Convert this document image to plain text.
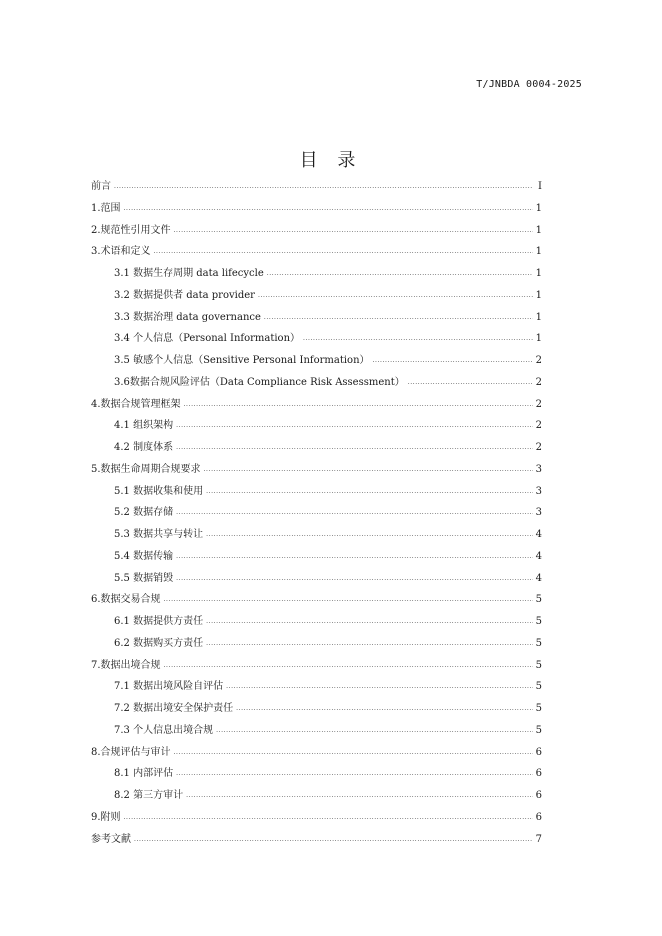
T/JNBDA 0004-2025
目 录
前言 .....	I
1.范围 .....	1
2.规范性引用文件 .....	1
3.术语和定义 .....	1
3.1 数据生存周期 data lifecycle .....	1
3.2 数据提供者 data provider .....	1
3.3 数据治理 data governance .....	1
3.4 个人信息（Personal Information） .....	1
3.5 敏感个人信息（Sensitive Personal Information） .....	2
3.6数据合规风险评估（Data Compliance Risk Assessment） .....	2
4.数据合规管理框架 .....	2
4.1 组织架构 .....	2
4.2 制度体系 .....	2
5.数据生命周期合规要求 .....	3
5.1 数据收集和使用 .....	3
5.2 数据存储 .....	3
5.3 数据共享与转让 .....	4
5.4 数据传输 .....	4
5.5 数据销毁 .....	4
6.数据交易合规 .....	5
6.1 数据提供方责任 .....	5
6.2 数据购买方责任 .....	5
7.数据出境合规 .....	5
7.1 数据出境风险自评估 .....	5
7.2 数据出境安全保护责任 .....	5
7.3 个人信息出境合规 .....	5
8.合规评估与审计 .....	6
8.1 内部评估 .....	6
8.2 第三方审计 .....	6
9.附则 .....	6
参考文献 .....	7
